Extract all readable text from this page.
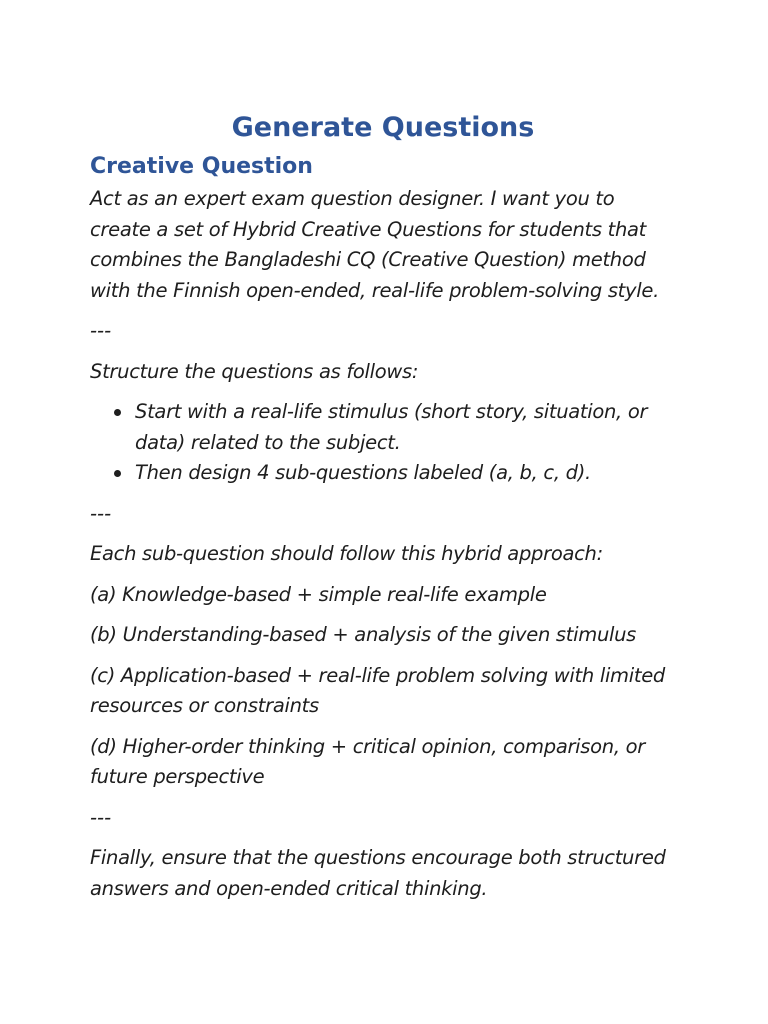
Generate Questions
Creative Question

Act as an expert exam question designer. I want you to create a set of Hybrid Creative Questions for students that combines the Bangladeshi CQ (Creative Question) method with the Finnish open-ended, real-life problem-solving style.

---

Structure the questions as follows:

Start with a real-life stimulus (short story, situation, or data) related to the subject.
Then design 4 sub-questions labeled (a, b, c, d).

---

Each sub-question should follow this hybrid approach:

(a) Knowledge-based + simple real-life example

(b) Understanding-based + analysis of the given stimulus

(c) Application-based + real-life problem solving with limited resources or constraints

(d) Higher-order thinking + critical opinion, comparison, or future perspective

---

Finally, ensure that the questions encourage both structured answers and open-ended critical thinking.
